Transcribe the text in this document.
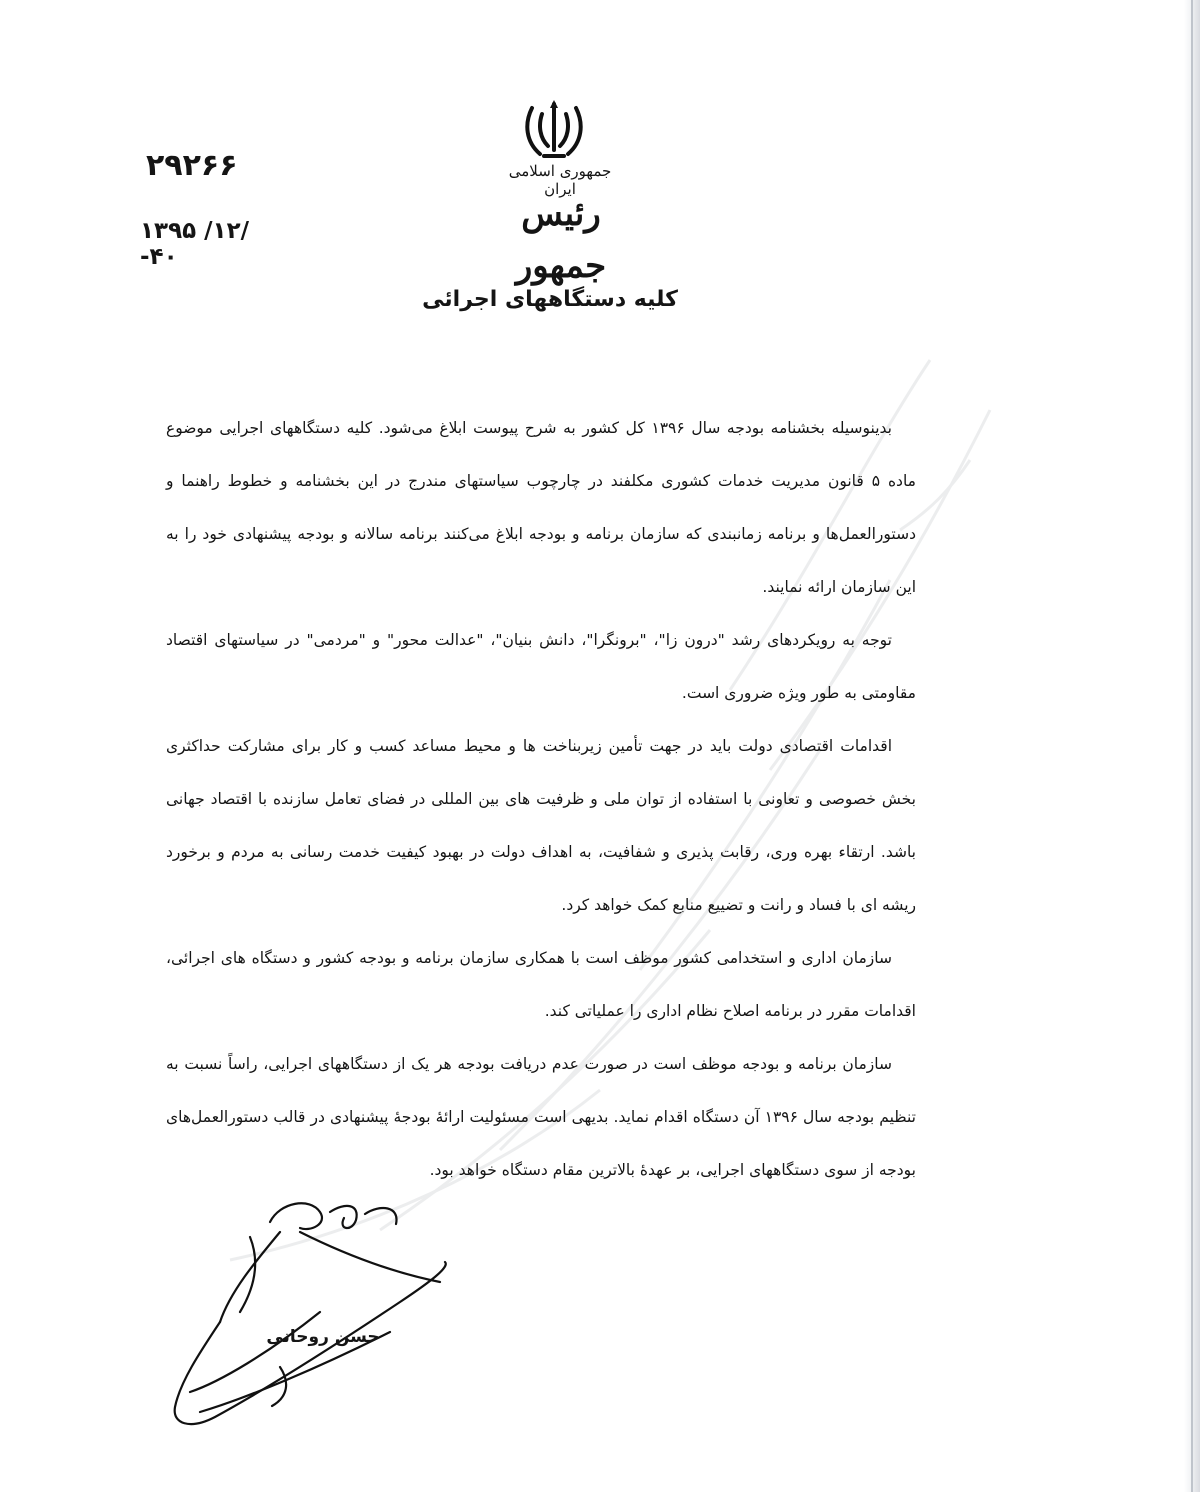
جمهوری اسلامی ایران
رئیس جمهور
۲۹۲۶۶
۱۳۹۵ /۱۲/ -۴۰
کلیه دستگاههای اجرائی

بدینوسیله بخشنامه بودجه سال ۱۳۹۶ کل کشور به شرح پیوست ابلاغ می‌شود. کلیه دستگاههای اجرایی موضوع ماده ۵ قانون مدیریت خدمات کشوری مکلفند در چارچوب سیاستهای مندرج در این بخشنامه و خطوط راهنما و دستورالعمل‌ها و برنامه زمانبندی که سازمان برنامه و بودجه ابلاغ می‌کنند برنامه سالانه و بودجه پیشنهادی خود را به این سازمان ارائه نمایند.

توجه به رویکردهای رشد "درون زا"، "برونگرا"، دانش بنیان"، "عدالت محور" و "مردمی" در سیاستهای اقتصاد مقاومتی به طور ویژه ضروری است.

اقدامات اقتصادی دولت باید در جهت تأمین زیربناخت ها و محیط مساعد کسب و کار برای مشارکت حداکثری بخش خصوصی و تعاونی با استفاده از توان ملی و ظرفیت های بین المللی در فضای تعامل سازنده با اقتصاد جهانی باشد. ارتقاء بهره وری، رقابت پذیری و شفافیت، به اهداف دولت در بهبود کیفیت خدمت رسانی به مردم و برخورد ریشه ای با فساد و رانت و تضییع منابع کمک خواهد کرد.

سازمان اداری و استخدامی کشور موظف است با همکاری سازمان برنامه و بودجه کشور و دستگاه های اجرائی، اقدامات مقرر در برنامه اصلاح نظام اداری را عملیاتی کند.

سازمان برنامه و بودجه موظف است در صورت عدم دریافت بودجه هر یک از دستگاههای اجرایی، راساً نسبت به تنظیم بودجه سال ۱۳۹۶ آن دستگاه اقدام نماید. بدیهی است مسئولیت ارائهٔ بودجهٔ پیشنهادی در قالب دستورالعمل‌های بودجه از سوی دستگاههای اجرایی، بر عهدهٔ بالاترین مقام دستگاه خواهد بود.

حسن روحانی
